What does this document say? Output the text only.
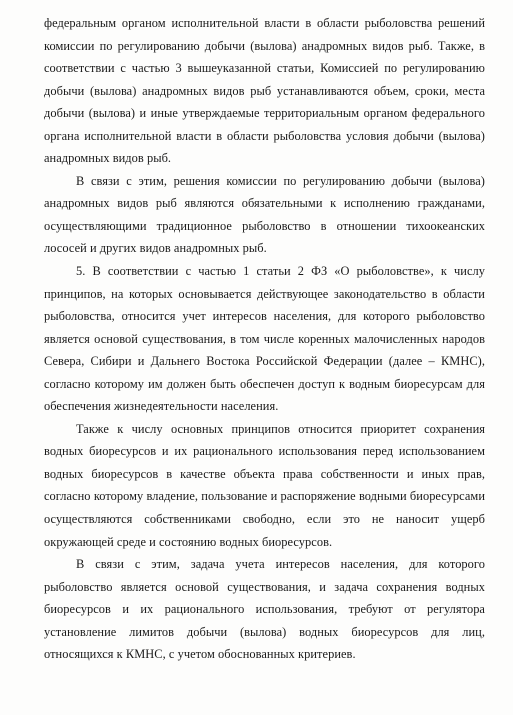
федеральным органом исполнительной власти в области рыболовства решений комиссии по регулированию добычи (вылова) анадромных видов рыб. Также, в соответствии с частью 3 вышеуказанной статьи, Комиссией по регулированию добычи (вылова) анадромных видов рыб устанавливаются объем, сроки, места добычи (вылова) и иные утверждаемые территориальным органом федерального органа исполнительной власти в области рыболовства условия добычи (вылова) анадромных видов рыб.

В связи с этим, решения комиссии по регулированию добычи (вылова) анадромных видов рыб являются обязательными к исполнению гражданами, осуществляющими традиционное рыболовство в отношении тихоокеанских лососей и других видов анадромных рыб.

5. В соответствии с частью 1 статьи 2 ФЗ «О рыболовстве», к числу принципов, на которых основывается действующее законодательство в области рыболовства, относится учет интересов населения, для которого рыболовство является основой существования, в том числе коренных малочисленных народов Севера, Сибири и Дальнего Востока Российской Федерации (далее – КМНС), согласно которому им должен быть обеспечен доступ к водным биоресурсам для обеспечения жизнедеятельности населения.

Также к числу основных принципов относится приоритет сохранения водных биоресурсов и их рационального использования перед использованием водных биоресурсов в качестве объекта права собственности и иных прав, согласно которому владение, пользование и распоряжение водными биоресурсами осуществляются собственниками свободно, если это не наносит ущерб окружающей среде и состоянию водных биоресурсов.

В связи с этим, задача учета интересов населения, для которого рыболовство является основой существования, и задача сохранения водных биоресурсов и их рационального использования, требуют от регулятора установление лимитов добычи (вылова) водных биоресурсов для лиц, относящихся к КМНС, с учетом обоснованных критериев.
